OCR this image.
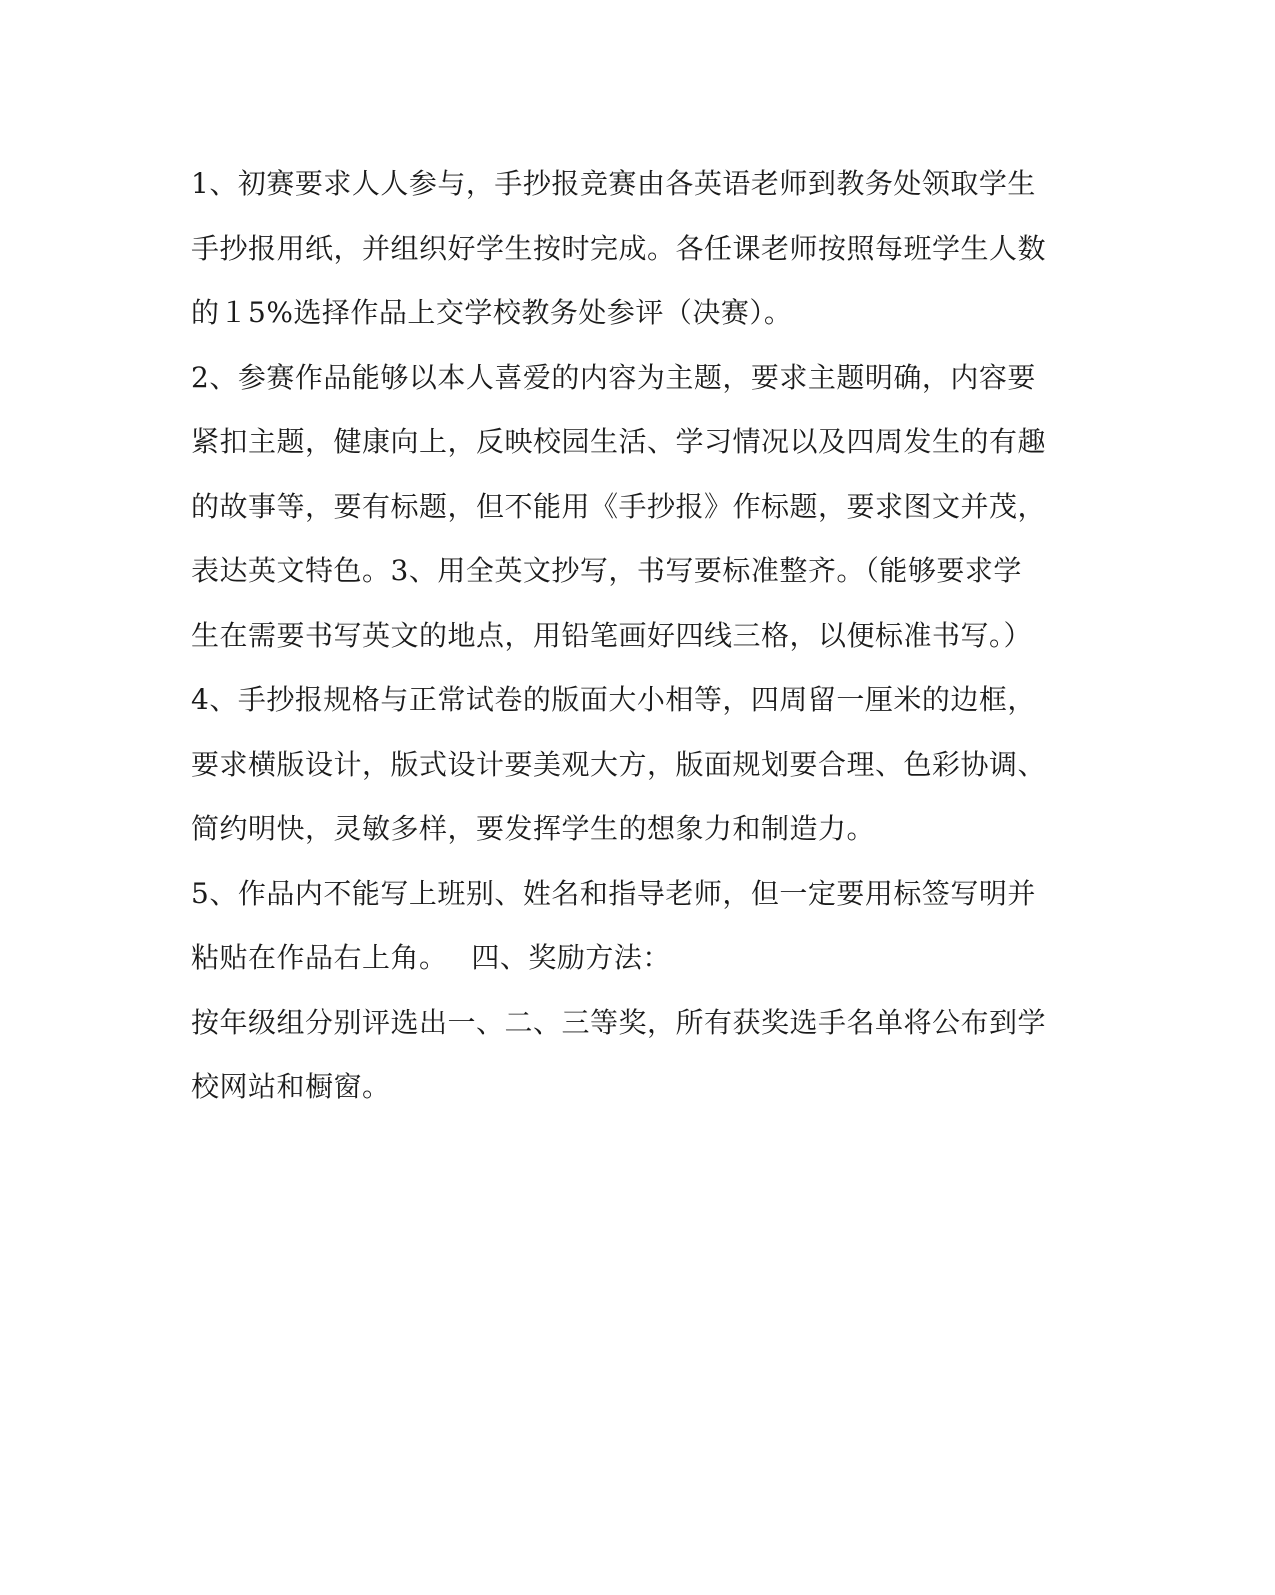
1、初赛要求人人参与，手抄报竞赛由各英语老师到教务处领取学生
手抄报用纸，并组织好学生按时完成。各任课老师按照每班学生人数
的１5%选择作品上交学校教务处参评（决赛）。
2、参赛作品能够以本人喜爱的内容为主题，要求主题明确，内容要
紧扣主题，健康向上，反映校园生活、学习情况以及四周发生的有趣
的故事等，要有标题，但不能用《手抄报》作标题，要求图文并茂，
表达英文特色。3、用全英文抄写，书写要标准整齐。（能够要求学
生在需要书写英文的地点，用铅笔画好四线三格，以便标准书写。）
4、手抄报规格与正常试卷的版面大小相等，四周留一厘米的边框，
要求横版设计，版式设计要美观大方，版面规划要合理、色彩协调、
简约明快，灵敏多样，要发挥学生的想象力和制造力。
5、作品内不能写上班别、姓名和指导老师，但一定要用标签写明并
粘贴在作品右上角。　 四、奖励方法：
按年级组分别评选出一、二、三等奖，所有获奖选手名单将公布到学
校网站和橱窗。
